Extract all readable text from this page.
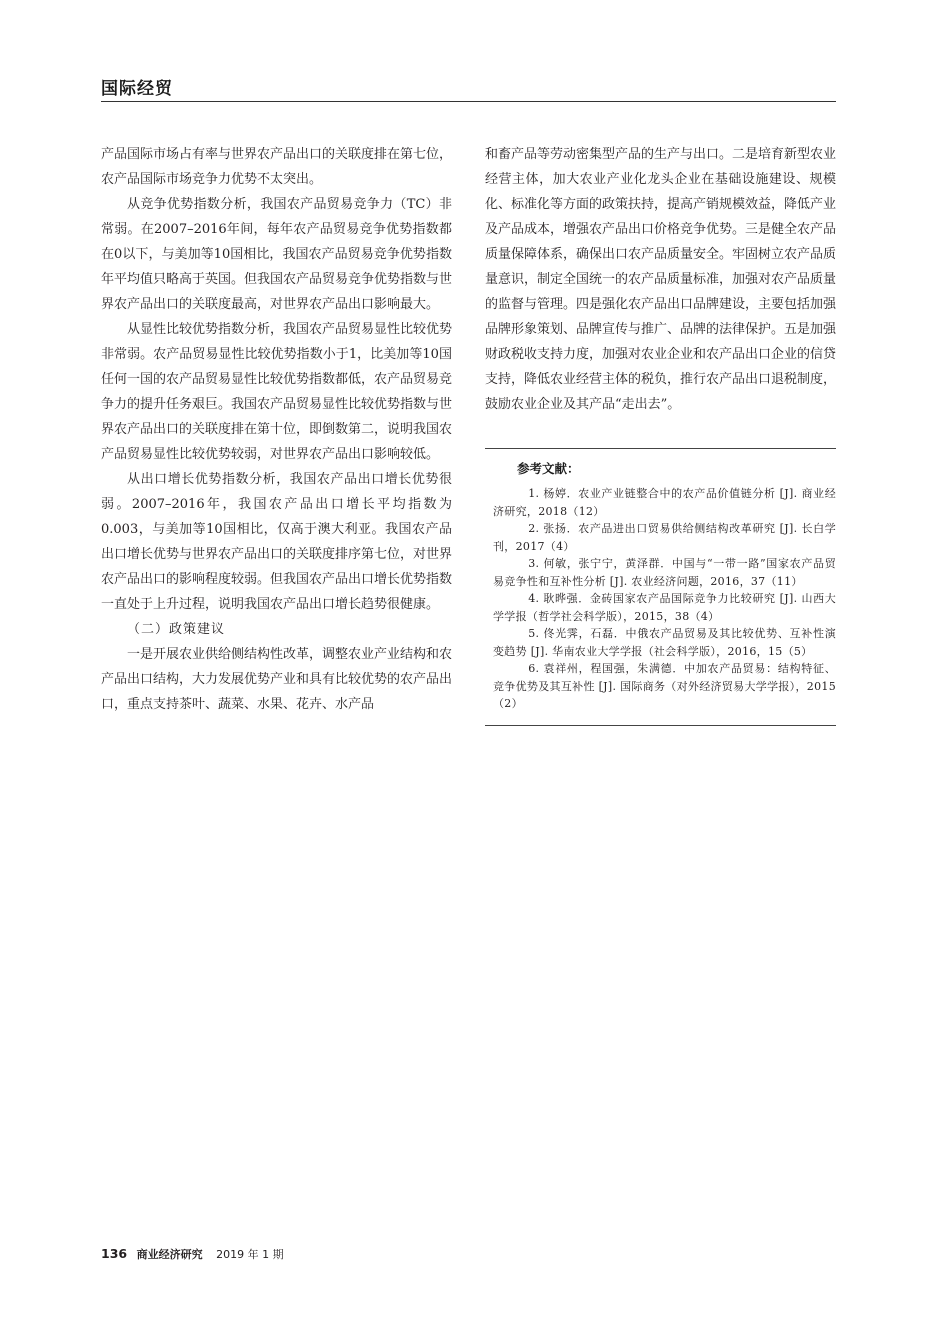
国际经贸

产品国际市场占有率与世界农产品出口的关联度排在第七位，农产品国际市场竞争力优势不太突出。

从竞争优势指数分析，我国农产品贸易竞争力（TC）非常弱。在2007–2016年间，每年农产品贸易竞争优势指数都在0以下，与美加等10国相比，我国农产品贸易竞争优势指数年平均值只略高于英国。但我国农产品贸易竞争优势指数与世界农产品出口的关联度最高，对世界农产品出口影响最大。

从显性比较优势指数分析，我国农产品贸易显性比较优势非常弱。农产品贸易显性比较优势指数小于1，比美加等10国任何一国的农产品贸易显性比较优势指数都低，农产品贸易竞争力的提升任务艰巨。我国农产品贸易显性比较优势指数与世界农产品出口的关联度排在第十位，即倒数第二，说明我国农产品贸易显性比较优势较弱，对世界农产品出口影响较低。

从出口增长优势指数分析，我国农产品出口增长优势很弱。2007–2016年，我国农产品出口增长平均指数为0.003，与美加等10国相比，仅高于澳大利亚。我国农产品出口增长优势与世界农产品出口的关联度排序第七位，对世界农产品出口的影响程度较弱。但我国农产品出口增长优势指数一直处于上升过程，说明我国农产品出口增长趋势很健康。

（二）政策建议

一是开展农业供给侧结构性改革，调整农业产业结构和农产品出口结构，大力发展优势产业和具有比较优势的农产品出口，重点支持茶叶、蔬菜、水果、花卉、水产品

和畜产品等劳动密集型产品的生产与出口。二是培育新型农业经营主体，加大农业产业化龙头企业在基础设施建设、规模化、标准化等方面的政策扶持，提高产销规模效益，降低产业及产品成本，增强农产品出口价格竞争优势。三是健全农产品质量保障体系，确保出口农产品质量安全。牢固树立农产品质量意识，制定全国统一的农产品质量标准，加强对农产品质量的监督与管理。四是强化农产品出口品牌建设，主要包括加强品牌形象策划、品牌宣传与推广、品牌的法律保护。五是加强财政税收支持力度，加强对农业企业和农产品出口企业的信贷支持，降低农业经营主体的税负，推行农产品出口退税制度，鼓励农业企业及其产品“走出去”。

参考文献：

1. 杨婷．农业产业链整合中的农产品价值链分析 [J]. 商业经济研究，2018（12）

2. 张扬．农产品进出口贸易供给侧结构改革研究 [J]. 长白学刊，2017（4）

3. 何敏，张宁宁，黄泽群．中国与“一带一路”国家农产品贸易竞争性和互补性分析 [J]. 农业经济问题，2016，37（11）

4. 耿晔强．金砖国家农产品国际竞争力比较研究 [J]. 山西大学学报（哲学社会科学版），2015，38（4）

5. 佟光霁，石磊．中俄农产品贸易及其比较优势、互补性演变趋势 [J]. 华南农业大学学报（社会科学版），2016，15（5）

6. 袁祥州，程国强，朱满德．中加农产品贸易：结构特征、竞争优势及其互补性 [J]. 国际商务（对外经济贸易大学学报），2015（2）

136 商业经济研究 2019 年 1 期
